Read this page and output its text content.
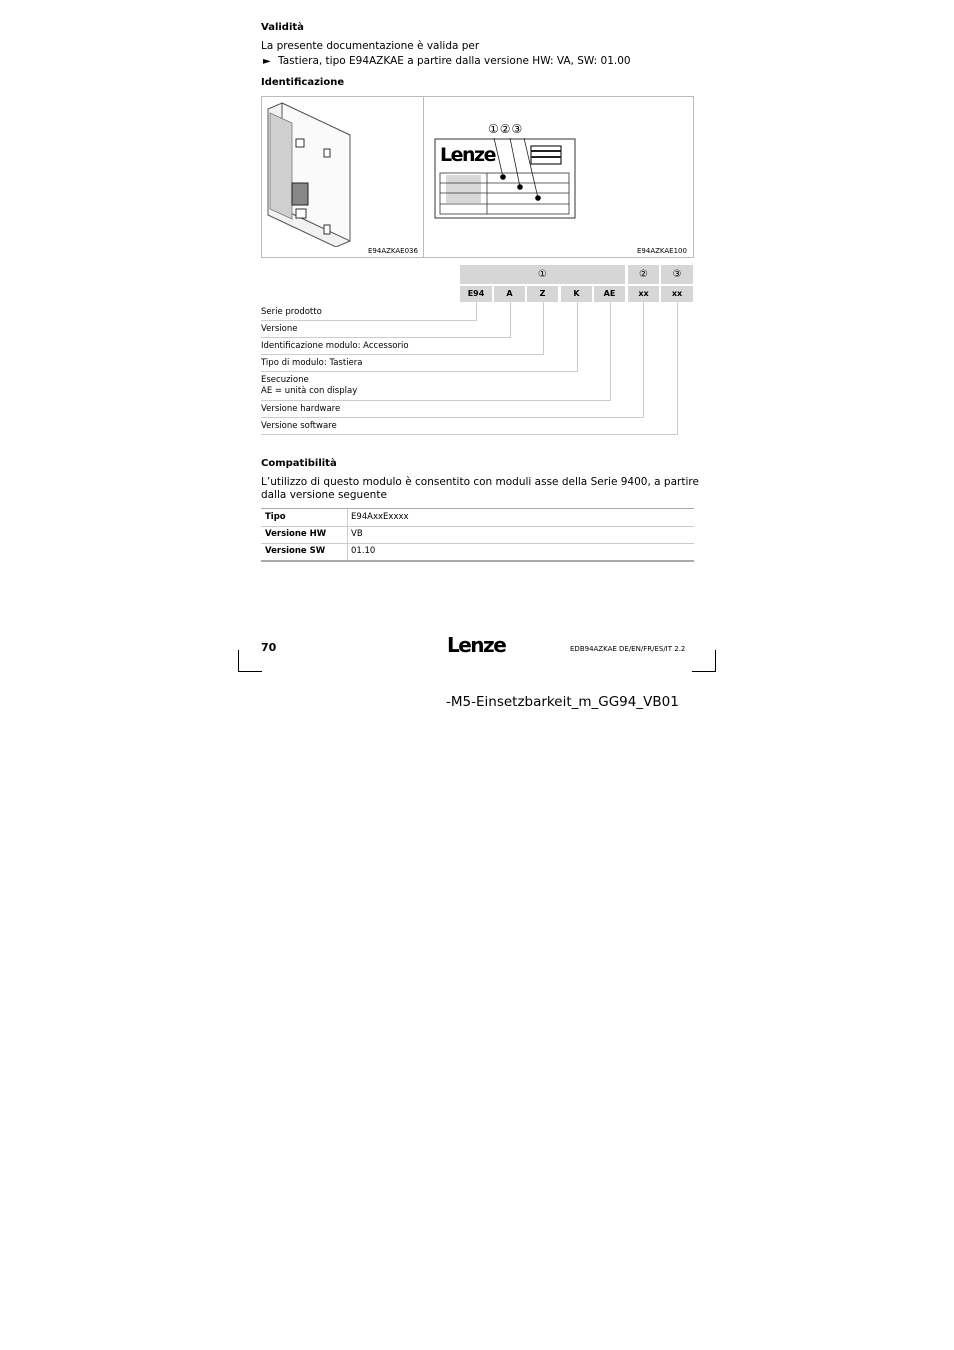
Validità
La presente documentazione è valida per
► Tastiera, tipo E94AZKAE a partire dalla versione HW: VA, SW: 01.00
Identificazione
E94AZKAE036
①②③
Lenze
E94AZKAE100
①	②	③
E94	A	Z	K	AE	xx	xx
Serie prodotto
Versione
Identificazione modulo: Accessorio
Tipo di modulo: Tastiera
Esecuzione
AE = unità con display
Versione hardware
Versione software
Compatibilità
L’utilizzo di questo modulo è consentito con moduli asse della Serie 9400, a partire dalla versione seguente
Tipo	E94AxxExxxx
Versione HW	VB
Versione SW	01.10
70	Lenze	EDB94AZKAE DE/EN/FR/ES/IT 2.2
-M5-Einsetzbarkeit_m_GG94_VB01
